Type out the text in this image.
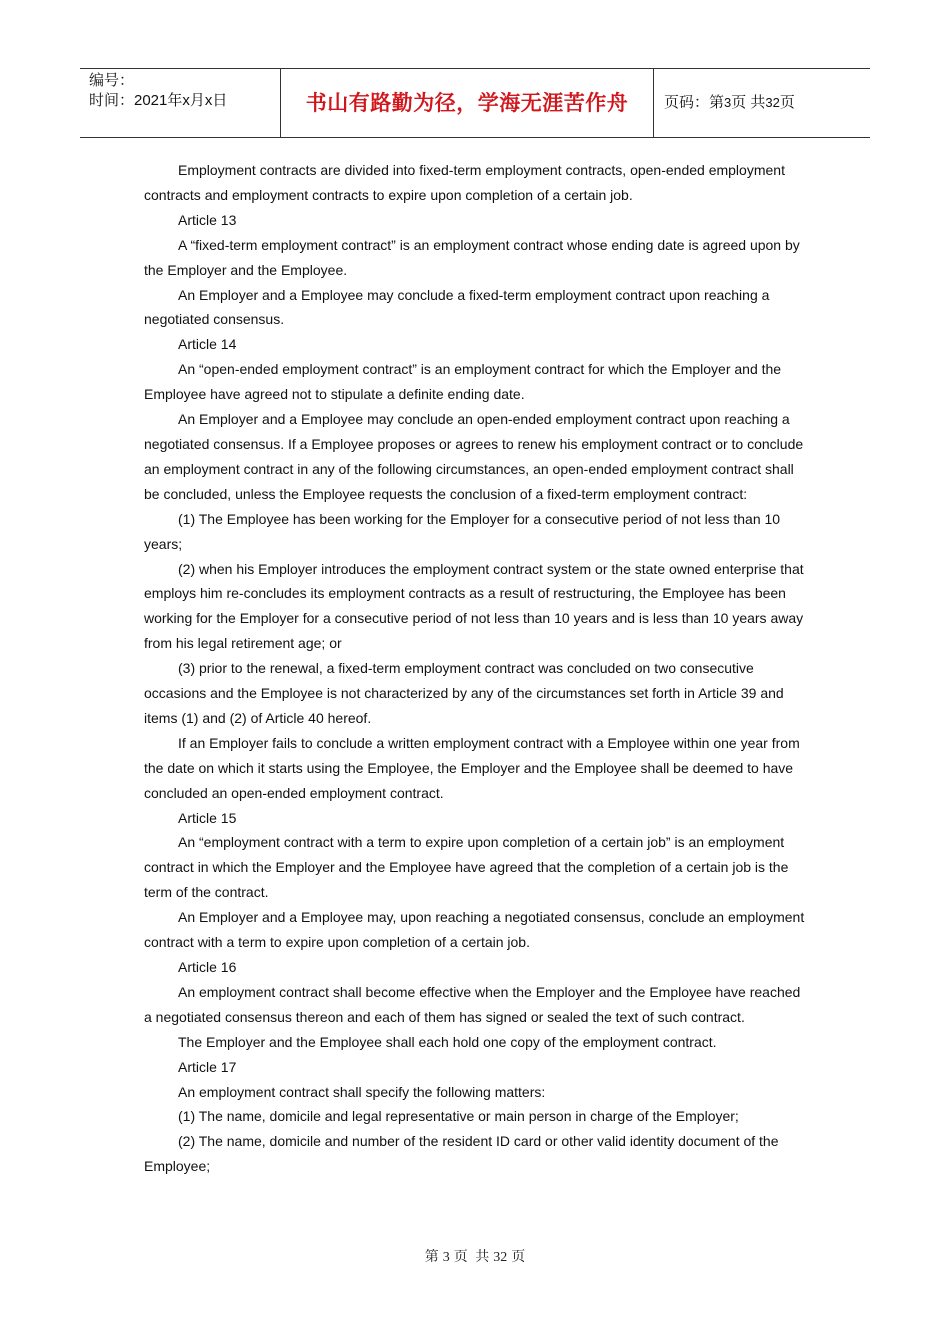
编号：
时间：2021年x月x日	书山有路勤为径，学海无涯苦作舟	页码：第3页 共32页

Employment contracts are divided into fixed-term employment contracts, open-ended employment contracts and employment contracts to expire upon completion of a certain job.

Article 13

A “fixed-term employment contract” is an employment contract whose ending date is agreed upon by the Employer and the Employee.

An Employer and a Employee may conclude a fixed-term employment contract upon reaching a negotiated consensus.

Article 14

An “open-ended employment contract” is an employment contract for which the Employer and the Employee have agreed not to stipulate a definite ending date.

An Employer and a Employee may conclude an open-ended employment contract upon reaching a negotiated consensus. If a Employee proposes or agrees to renew his employment contract or to conclude an employment contract in any of the following circumstances, an open-ended employment contract shall be concluded, unless the Employee requests the conclusion of a fixed-term employment contract:

(1) The Employee has been working for the Employer for a consecutive period of not less than 10 years;

(2) when his Employer introduces the employment contract system or the state owned enterprise that employs him re-concludes its employment contracts as a result of restructuring, the Employee has been working for the Employer for a consecutive period of not less than 10 years and is less than 10 years away from his legal retirement age; or

(3) prior to the renewal, a fixed-term employment contract was concluded on two consecutive occasions and the Employee is not characterized by any of the circumstances set forth in Article 39 and items (1) and (2) of Article 40 hereof.

If an Employer fails to conclude a written employment contract with a Employee within one year from the date on which it starts using the Employee, the Employer and the Employee shall be deemed to have concluded an open-ended employment contract.

Article 15

An “employment contract with a term to expire upon completion of a certain job” is an employment contract in which the Employer and the Employee have agreed that the completion of a certain job is the term of the contract.

An Employer and a Employee may, upon reaching a negotiated consensus, conclude an employment contract with a term to expire upon completion of a certain job.

Article 16

An employment contract shall become effective when the Employer and the Employee have reached a negotiated consensus thereon and each of them has signed or sealed the text of such contract.

The Employer and the Employee shall each hold one copy of the employment contract.

Article 17

An employment contract shall specify the following matters:

(1) The name, domicile and legal representative or main person in charge of the Employer;

(2) The name, domicile and number of the resident ID card or other valid identity document of the Employee;

第 3 页 共 32 页
